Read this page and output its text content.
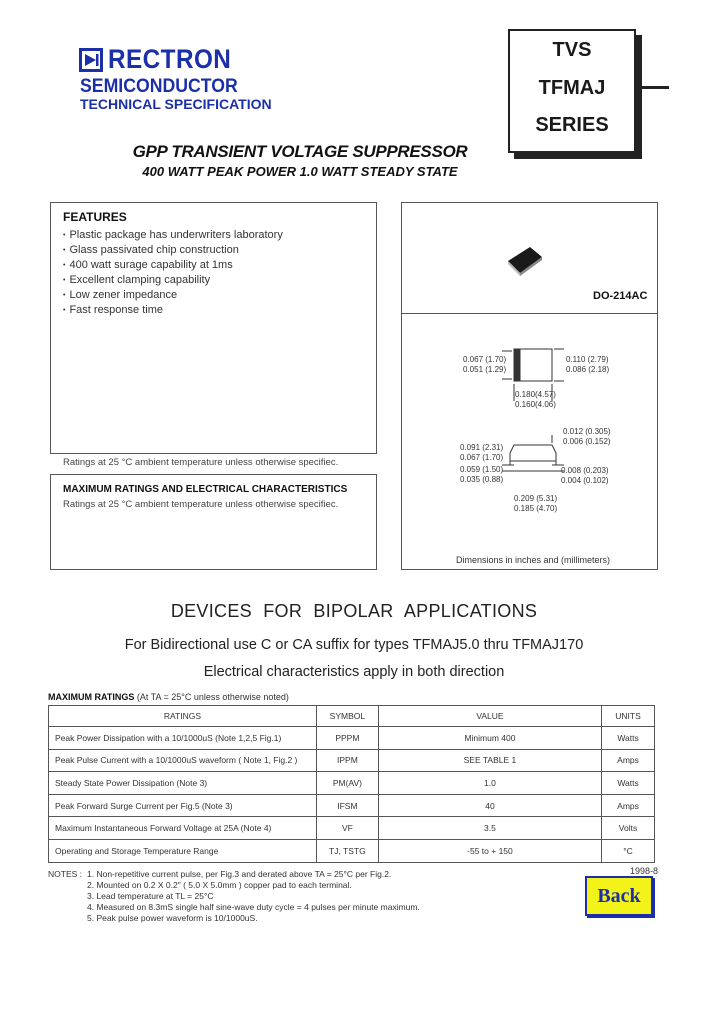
RECTRON
SEMICONDUCTOR
TECHNICAL SPECIFICATION
TVS
TFMAJ
SERIES
GPP TRANSIENT VOLTAGE SUPPRESSOR
400 WATT PEAK POWER 1.0 WATT STEADY STATE
FEATURES
• Plastic package has underwriters laboratory
• Glass passivated chip construction
• 400 watt surage capability at 1ms
• Excellent clamping capability
• Low zener impedance
• Fast response time
Ratings at 25 °C ambient temperature unless otherwise specifiec.
MAXIMUM RATINGS AND ELECTRICAL CHARACTERISTICS
Ratings at 25 °C ambient temperature unless otherwise specifiec.
0.067 (1.70)
0.051 (1.29)
0.110 (2.79)
0.086 (2.18)
0.180(4.57)
0.160(4.06)
0.012 (0.305)
0.006 (0.152)
0.091 (2.31)
0.067 (1.70)
0.059 (1.50)
0.035 (0.88)
0.008 (0.203)
0.004 (0.102)
0.209 (5.31)
0.185 (4.70)
DO-214AC
Dimensions in inches and (millimeters)
DEVICES FOR BIPOLAR APPLICATIONS
For Bidirectional use C or CA suffix for types TFMAJ5.0 thru TFMAJ170
Electrical characteristics apply in both direction
MAXIMUM RATINGS (At TA = 25°C unless otherwise noted)
RATINGS	SYMBOL	VALUE	UNITS
Peak Power Dissipation with a 10/1000uS (Note 1,2,5 Fig.1)	PPPM	Minimum 400	Watts
Peak Pulse Current with a 10/1000uS waveform ( Note 1, Fig.2 )	IPPM	SEE TABLE 1	Amps
Steady State Power Dissipation (Note 3)	PM(AV)	1.0	Watts
Peak Forward Surge Current per Fig.5 (Note 3)	IFSM	40	Amps
Maximum Instantaneous Forward Voltage at 25A (Note 4)	VF	3.5	Volts
Operating and Storage Temperature Range	TJ, TSTG	-55 to + 150	°C
NOTES : 1. Non-repetitive current pulse, per Fig.3 and derated above TA = 25°C per Fig.2.
2. Mounted on 0.2 X 0.2" ( 5.0 X 5.0mm ) copper pad to each terminal.
3. Lead temperature at TL = 25°C
4. Measured on 8.3mS single half sine-wave duty cycle = 4 pulses per minute maximum.
5. Peak pulse power waveform is 10/1000uS.
1998-8
Back
